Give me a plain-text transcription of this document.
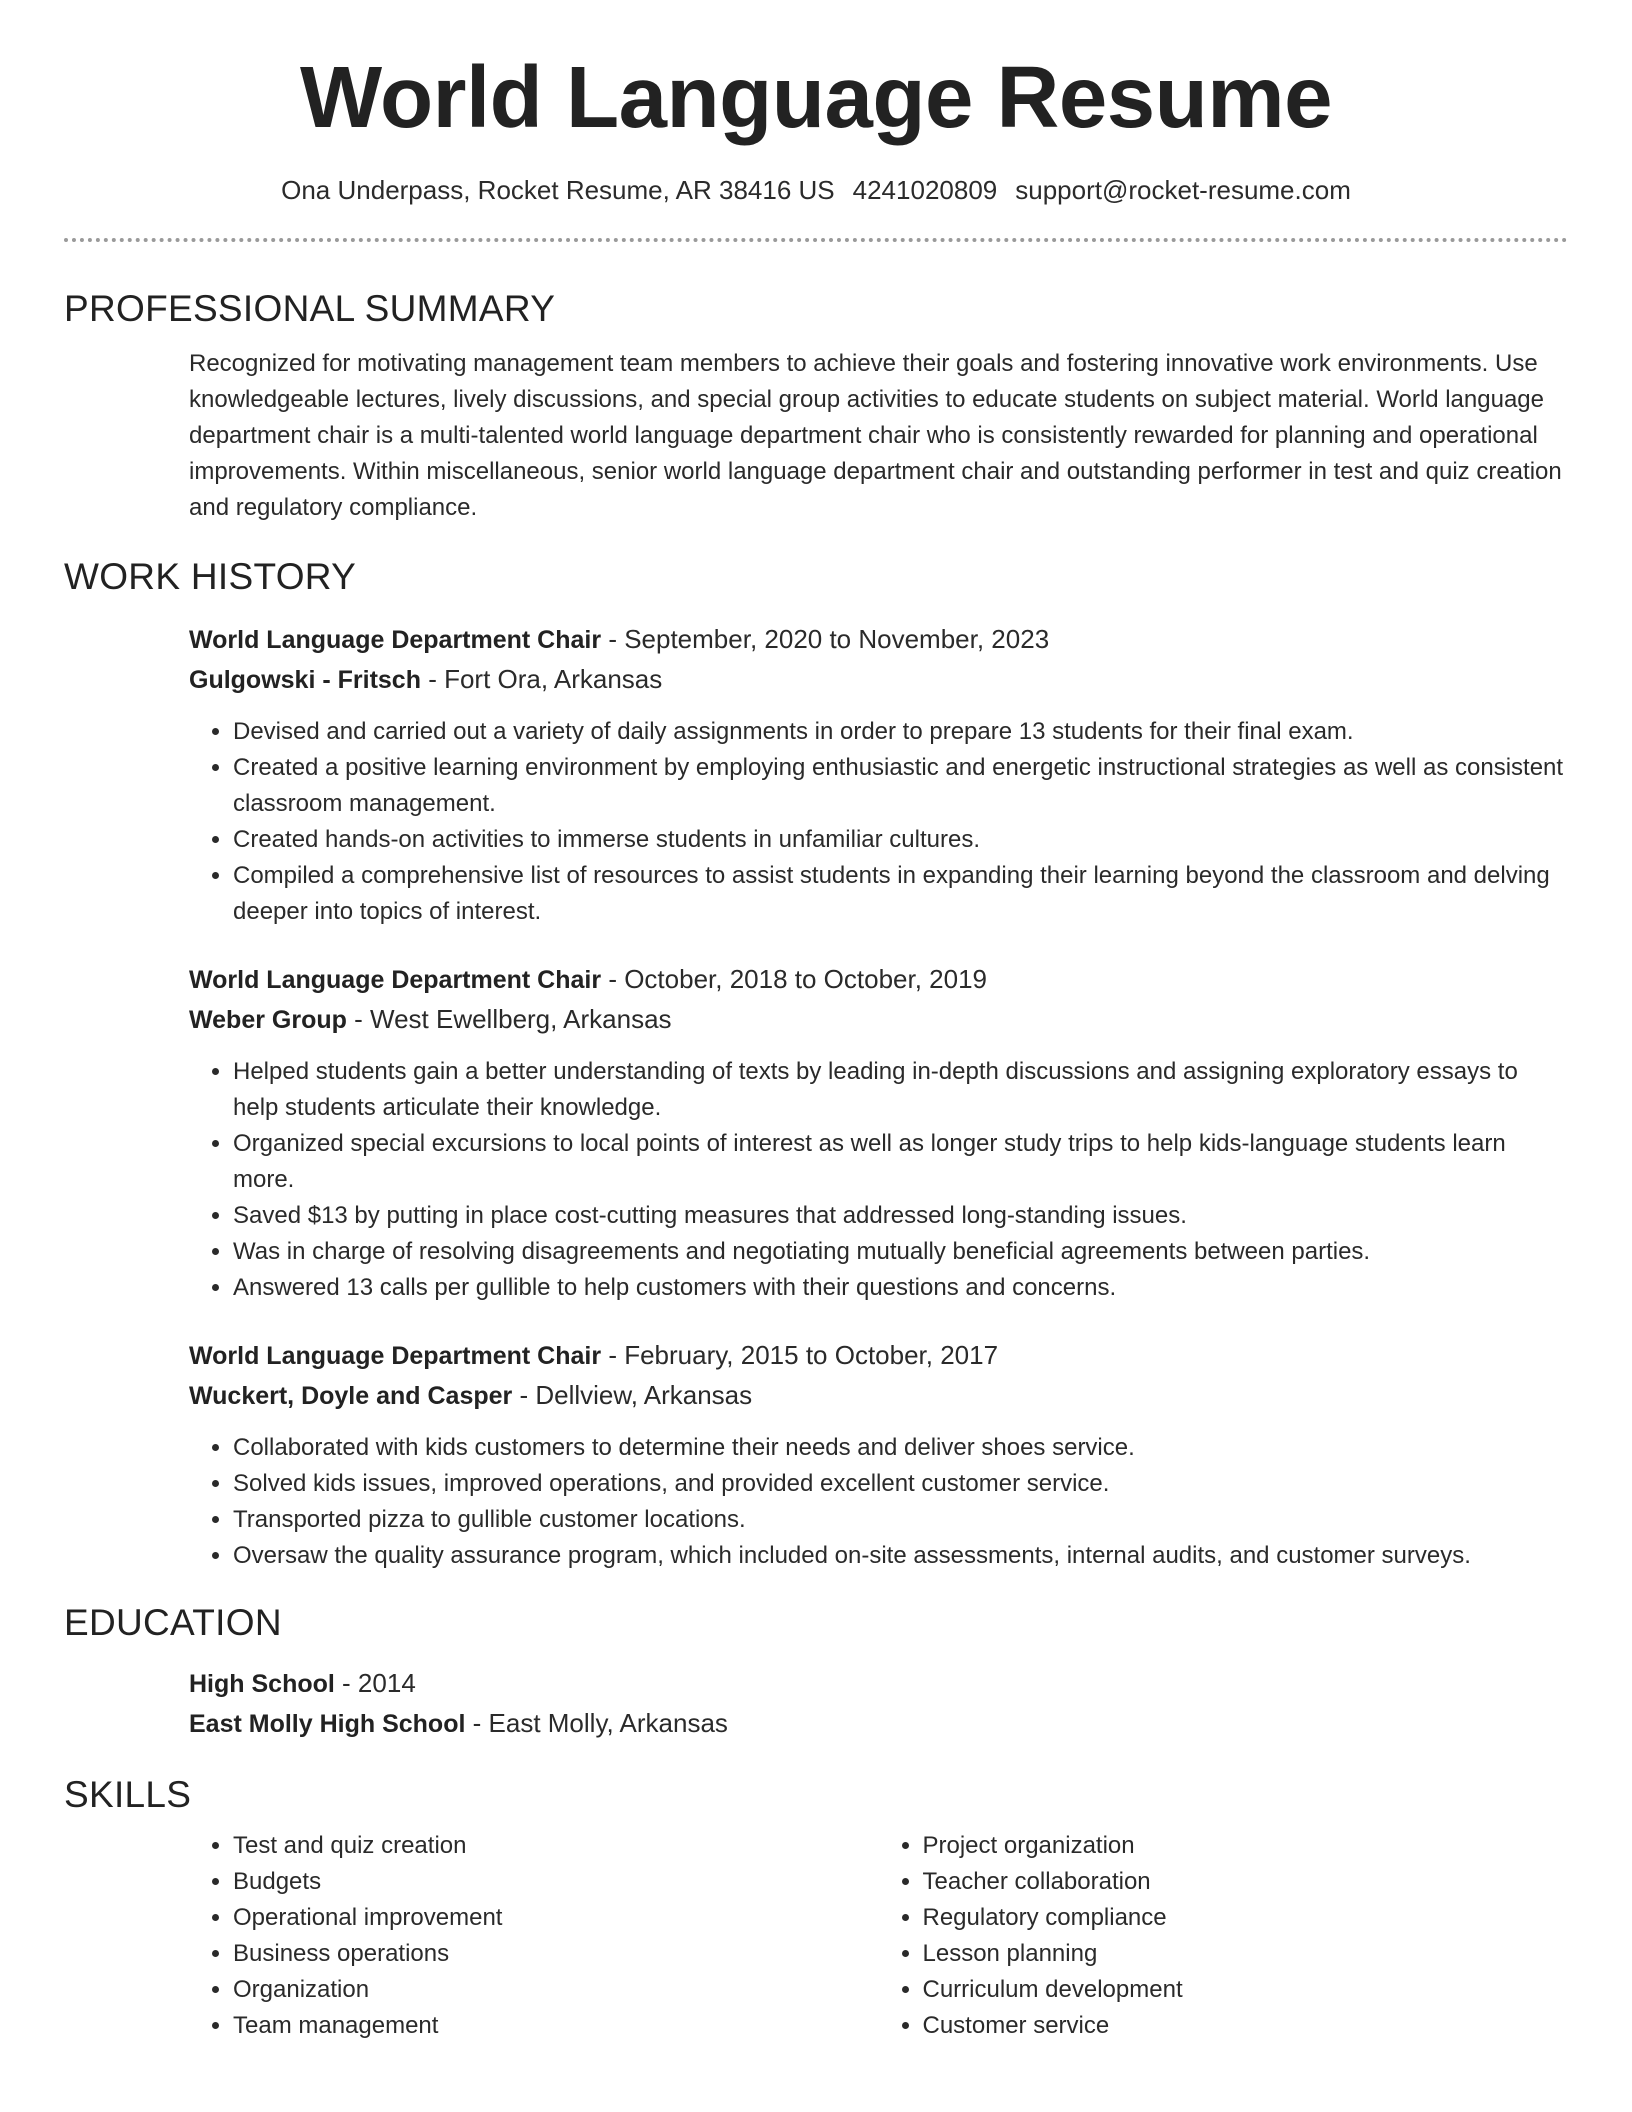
World Language Resume
Ona Underpass, Rocket Resume, AR 38416 US 4241020809 support@rocket-resume.com
PROFESSIONAL SUMMARY

Recognized for motivating management team members to achieve their goals and fostering innovative work environments. Use knowledgeable lectures, lively discussions, and special group activities to educate students on subject material. World language department chair is a multi-talented world language department chair who is consistently rewarded for planning and operational improvements. Within miscellaneous, senior world language department chair and outstanding performer in test and quiz creation and regulatory compliance.

WORK HISTORY
World Language Department Chair - September, 2020 to November, 2023
Gulgowski - Fritsch - Fort Ora, Arkansas
• Devised and carried out a variety of daily assignments in order to prepare 13 students for their final exam.
• Created a positive learning environment by employing enthusiastic and energetic instructional strategies as well as consistent classroom management.
• Created hands-on activities to immerse students in unfamiliar cultures.
• Compiled a comprehensive list of resources to assist students in expanding their learning beyond the classroom and delving deeper into topics of interest.
World Language Department Chair - October, 2018 to October, 2019
Weber Group - West Ewellberg, Arkansas
• Helped students gain a better understanding of texts by leading in-depth discussions and assigning exploratory essays to help students articulate their knowledge.
• Organized special excursions to local points of interest as well as longer study trips to help kids-language students learn more.
• Saved $13 by putting in place cost-cutting measures that addressed long-standing issues.
• Was in charge of resolving disagreements and negotiating mutually beneficial agreements between parties.
• Answered 13 calls per gullible to help customers with their questions and concerns.
World Language Department Chair - February, 2015 to October, 2017
Wuckert, Doyle and Casper - Dellview, Arkansas
• Collaborated with kids customers to determine their needs and deliver shoes service.
• Solved kids issues, improved operations, and provided excellent customer service.
• Transported pizza to gullible customer locations.
• Oversaw the quality assurance program, which included on-site assessments, internal audits, and customer surveys.
EDUCATION
High School - 2014
East Molly High School - East Molly, Arkansas
SKILLS
• Test and quiz creation
• Budgets
• Operational improvement
• Business operations
• Organization
• Team management
• Project organization
• Teacher collaboration
• Regulatory compliance
• Lesson planning
• Curriculum development
• Customer service
